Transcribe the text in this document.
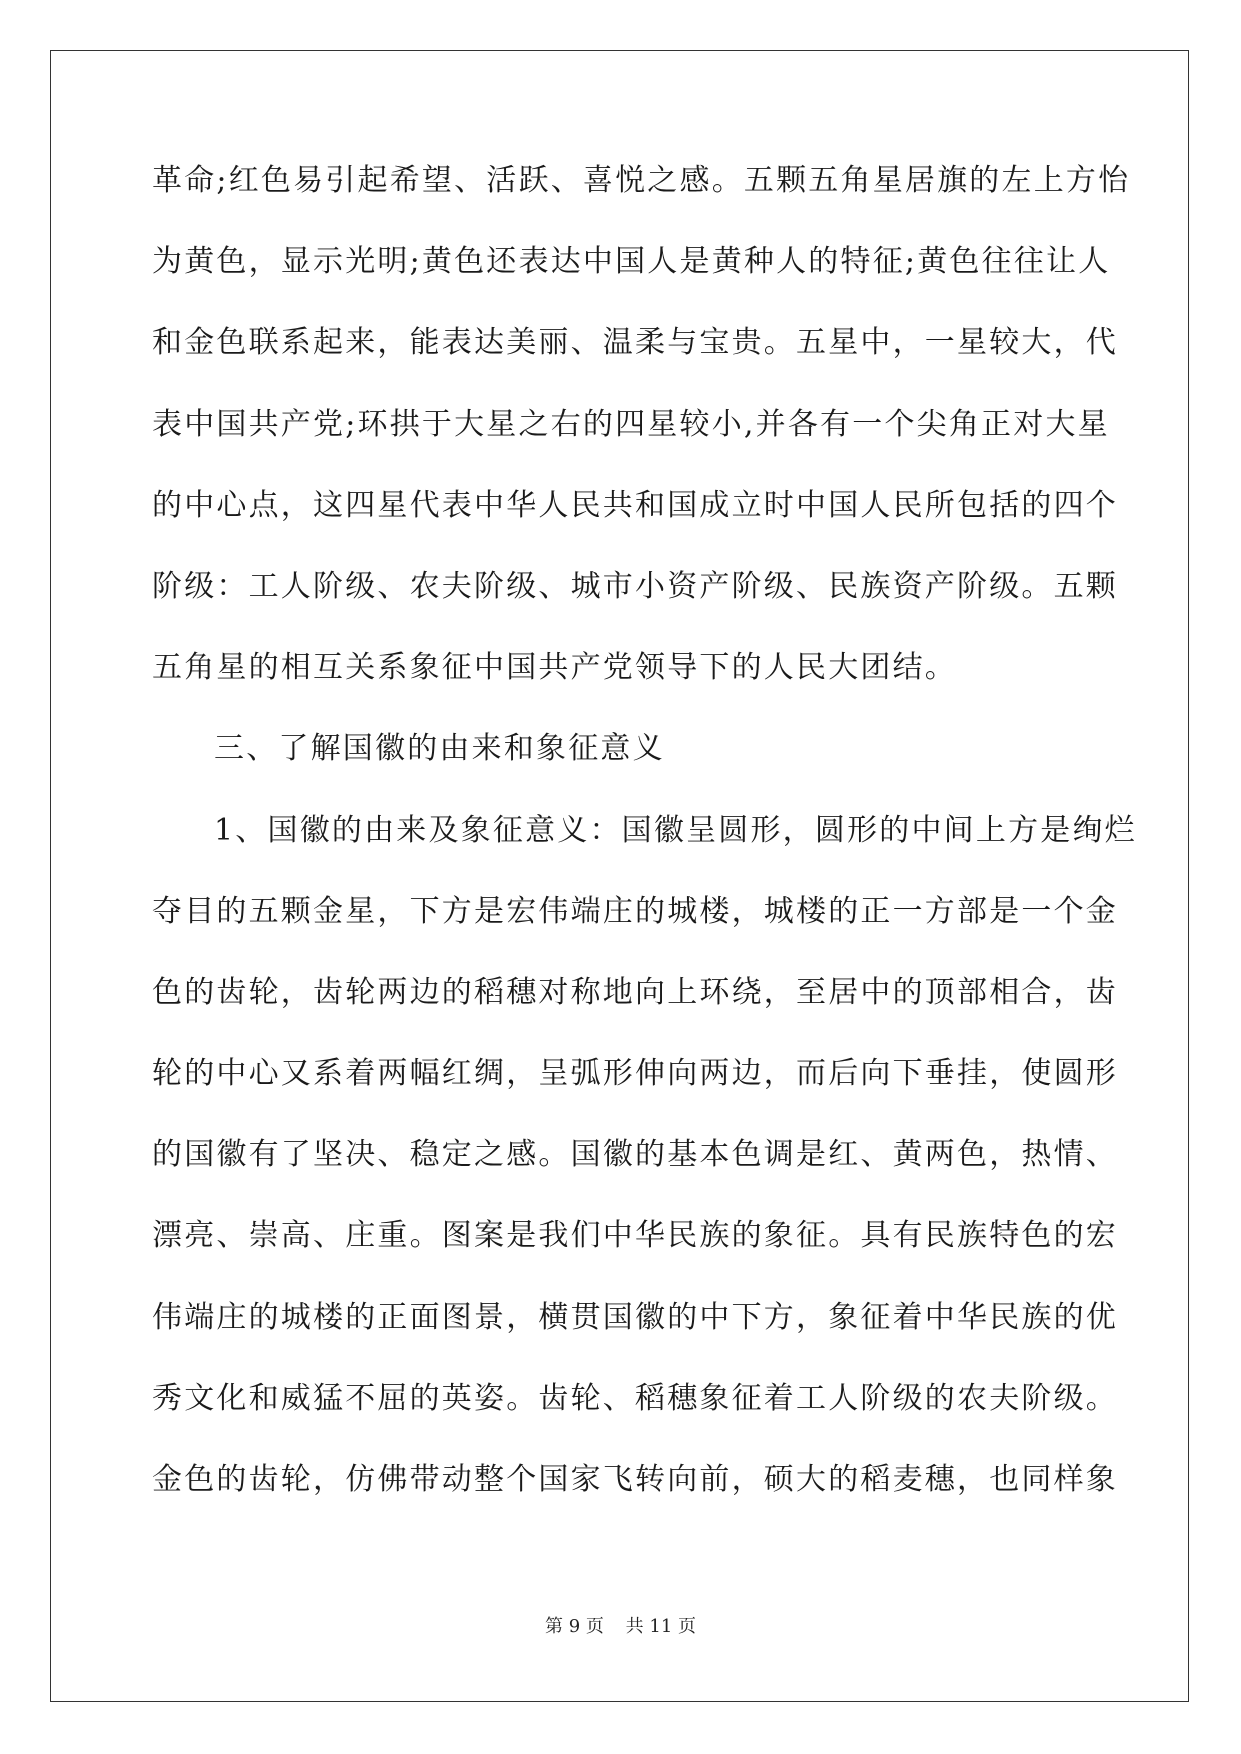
革命;红色易引起希望、活跃、喜悦之感。五颗五角星居旗的左上方怡
为黄色，显示光明;黄色还表达中国人是黄种人的特征;黄色往往让人
和金色联系起来，能表达美丽、温柔与宝贵。五星中，一星较大，代
表中国共产党;环拱于大星之右的四星较小,并各有一个尖角正对大星
的中心点，这四星代表中华人民共和国成立时中国人民所包括的四个
阶级：工人阶级、农夫阶级、城市小资产阶级、民族资产阶级。五颗
五角星的相互关系象征中国共产党领导下的人民大团结。
三、了解国徽的由来和象征意义
1、国徽的由来及象征意义：国徽呈圆形，圆形的中间上方是绚烂
夺目的五颗金星，下方是宏伟端庄的城楼，城楼的正一方部是一个金
色的齿轮，齿轮两边的稻穗对称地向上环绕，至居中的顶部相合，齿
轮的中心又系着两幅红绸，呈弧形伸向两边，而后向下垂挂，使圆形
的国徽有了坚决、稳定之感。国徽的基本色调是红、黄两色，热情、
漂亮、崇高、庄重。图案是我们中华民族的象征。具有民族特色的宏
伟端庄的城楼的正面图景，横贯国徽的中下方，象征着中华民族的优
秀文化和威猛不屈的英姿。齿轮、稻穗象征着工人阶级的农夫阶级。
金色的齿轮，仿佛带动整个国家飞转向前，硕大的稻麦穗，也同样象
第 9 页 共 11 页
